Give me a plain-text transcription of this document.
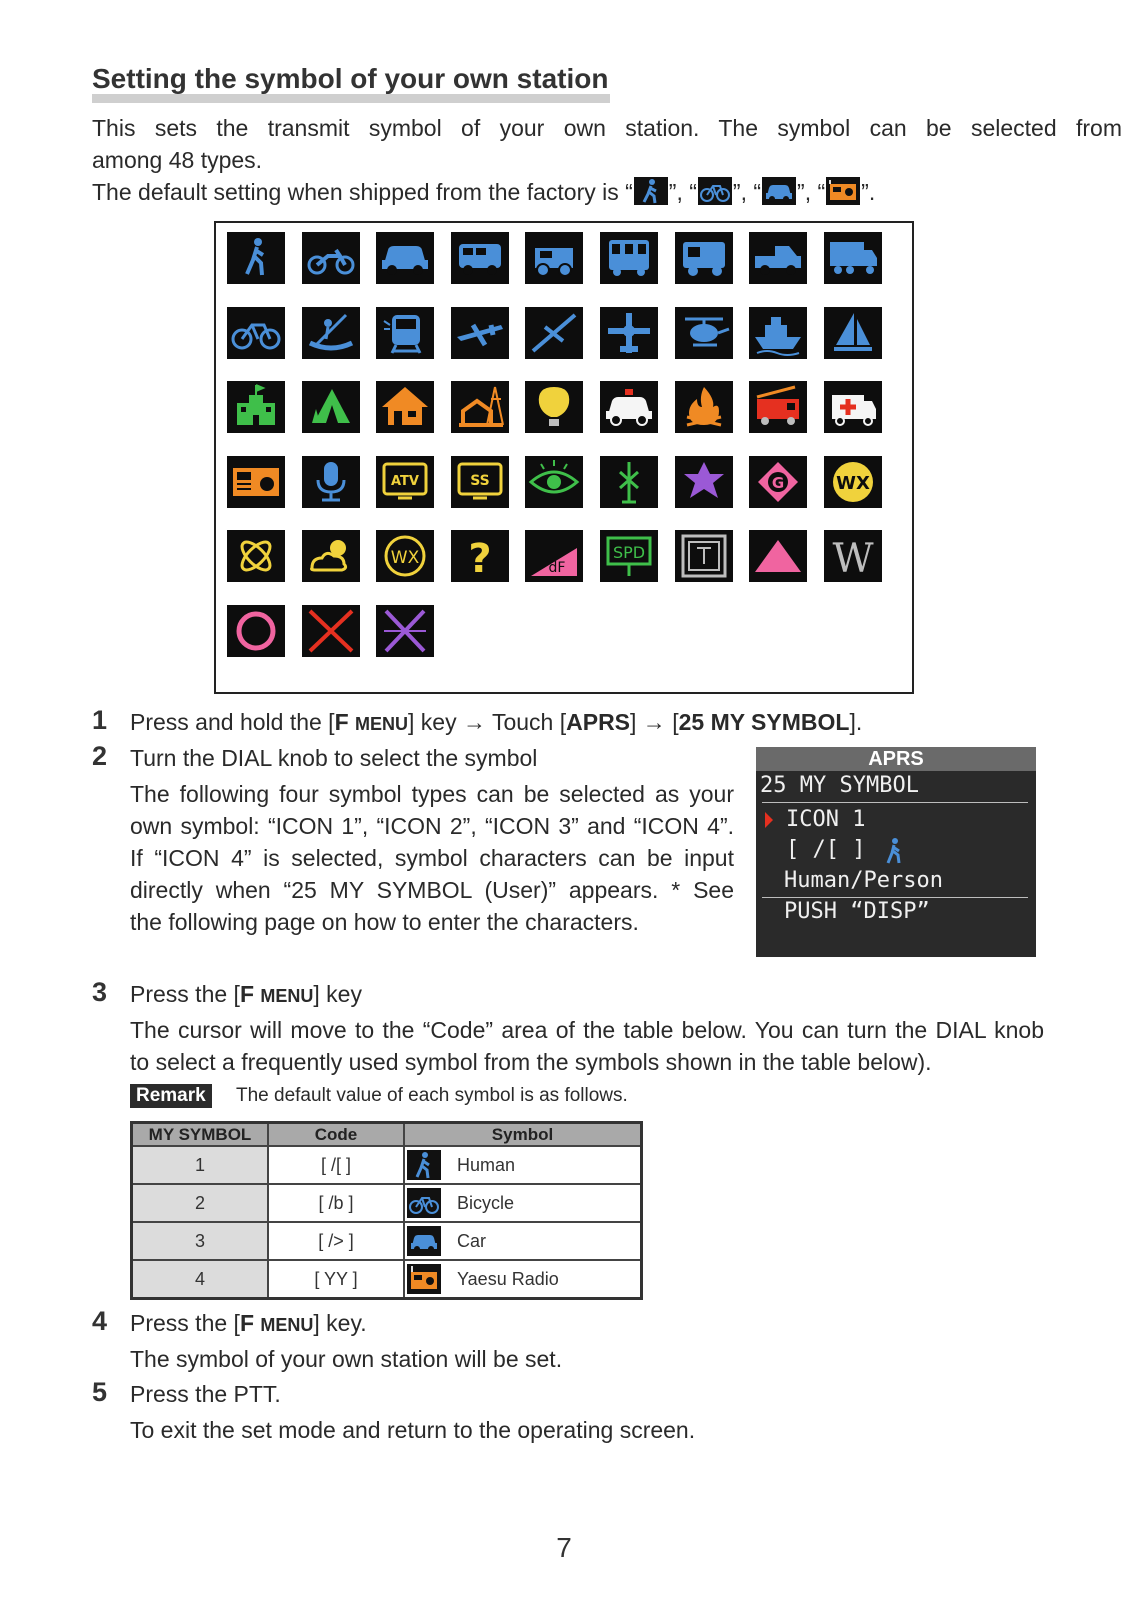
Setting the symbol of your own station
This sets the transmit symbol of your own station. The symbol can be selected from
among 48 types.
The default setting when shipped from the factory is “ ”, “ ”, “ ”, “ ”.
ATV	SS	G	WX
WX ?	dF
SPD	W
1 Press and hold the [F MENU] key → Touch [APRS] → [25 MY SYMBOL].
2 Turn the DIAL knob to select the symbol
The following four symbol types can be selected as your
own symbol: “ICON 1”, “ICON 2”, “ICON 3” and “ICON 4”.
If “ICON 4” is selected, symbol characters can be input
directly when “25 MY SYMBOL (User)” appears. * See
the following page on how to enter the characters.
APRS
25 MY SYMBOL
ICON 1
[ /[ ]
Human/Person
PUSH “DISP”
3 Press the [F MENU] key
The cursor will move to the “Code” area of the table below. You can turn the DIAL knob
to select a frequently used symbol from the symbols shown in the table below).
Remark	The default value of each symbol is as follows.
MY SYMBOL	Code	Symbol	
1	[ /[ ]		Human
2	[ /b ]		Bicycle
3	[ /> ]		Car
4	[ YY ]		Yaesu Radio
4 Press the [F MENU] key.
The symbol of your own station will be set.
5 Press the PTT.
To exit the set mode and return to the operating screen.
7
